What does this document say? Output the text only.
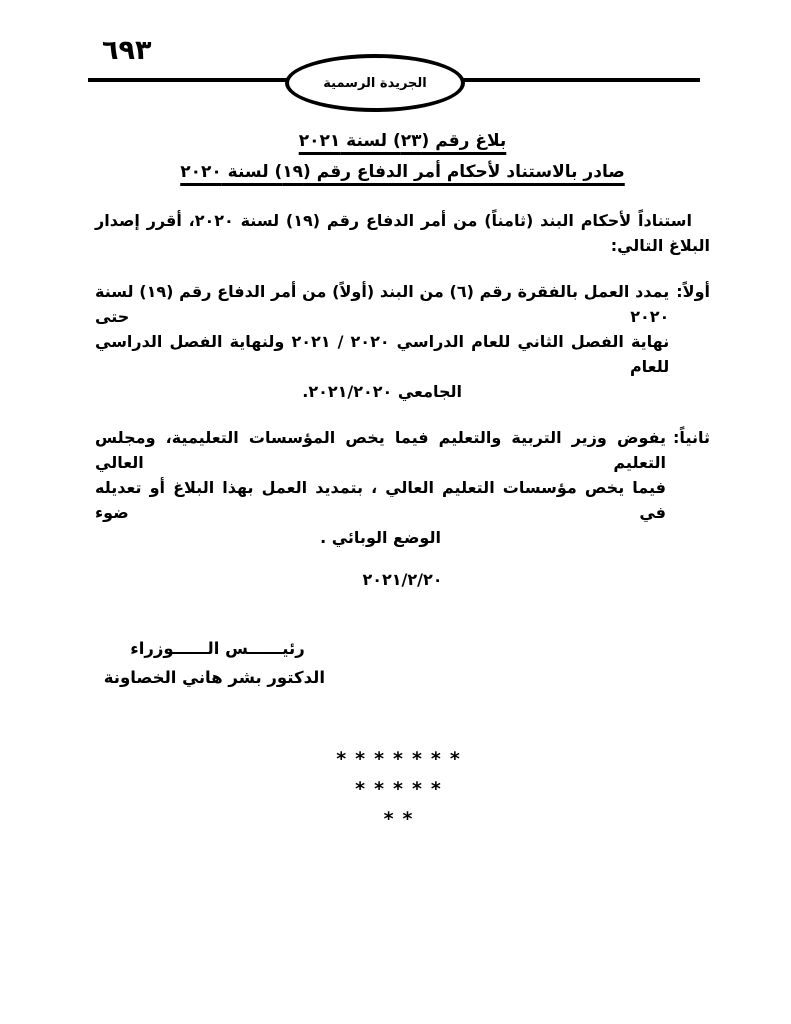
٦٩٣
الجريدة الرسمية
بلاغ رقم (٢٣) لسنة ٢٠٢١
صادر بالاستناد لأحكام أمر الدفاع رقم (١٩) لسنة ٢٠٢٠
استناداً لأحكام البند (ثامناً) من أمر الدفاع رقم (١٩) لسنة ٢٠٢٠، أقرر إصدار
البلاغ التالي:
أولاً:
يمدد العمل بالفقرة رقم (٦) من البند (أولاً) من أمر الدفاع رقم (١٩) لسنة ٢٠٢٠ حتى
نهاية الفصل الثاني للعام الدراسي ٢٠٢٠ / ٢٠٢١ ولنهاية الفصل الدراسي للعام
الجامعي ٢٠٢١/٢٠٢٠.
ثانياً:
يفوض وزير التربية والتعليم فيما يخص المؤسسات التعليمية، ومجلس التعليم العالي
فيما يخص مؤسسات التعليم العالي ، بتمديد العمل بهذا البلاغ أو تعديله في ضوء
الوضع الوبائي .
٢٠٢١/٢/٢٠
رئيــــــس الــــــوزراء
الدكتور بشر هاني الخصاونة
*******
*****
**
